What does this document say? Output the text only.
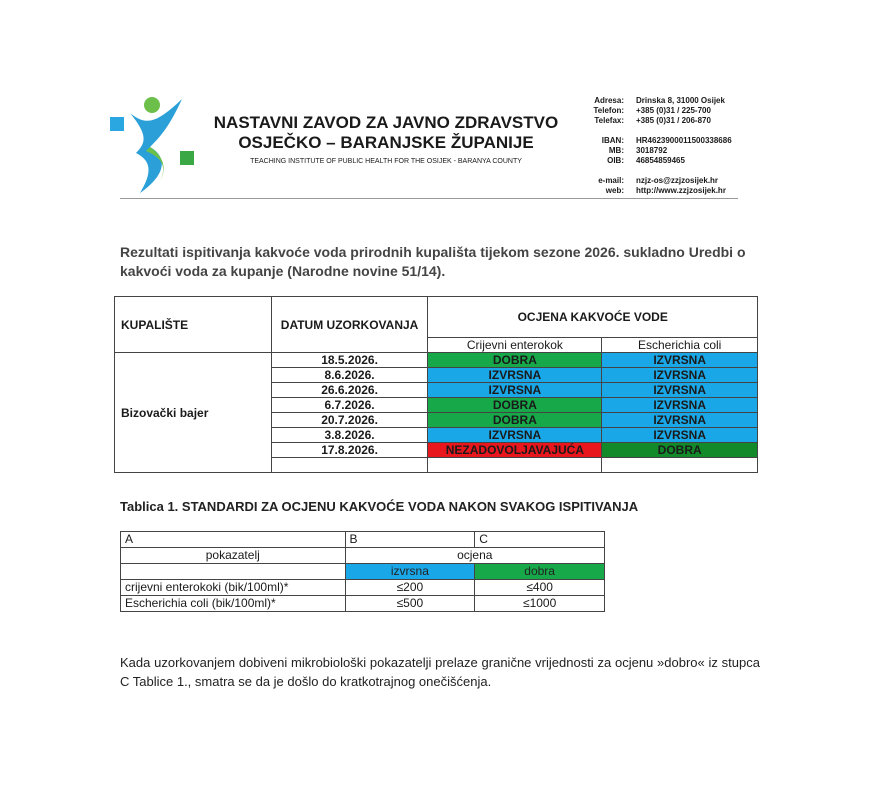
NASTAVNI ZAVOD ZA JAVNO ZDRAVSTVO
OSJEČKO – BARANJSKE ŽUPANIJE
TEACHING INSTITUTE OF PUBLIC HEALTH FOR THE OSIJEK - BARANYA COUNTY
Adresa:	Drinska 8, 31000 Osijek
Telefon:	+385 (0)31 / 225-700
Telefax:	+385 (0)31 / 206-870
IBAN:	HR4623900011500338686
MB:	3018792
OIB:	46854859465
e-mail:	nzjz-os@zzjzosijek.hr
web:	http://www.zzjzosijek.hr
Rezultati ispitivanja kakvoće voda prirodnih kupališta tijekom sezone 2026. sukladno Uredbi o kakvoći voda za kupanje (Narodne novine 51/14).
KUPALIŠTE	DATUM UZORKOVANJA	OCJENA KAKVOĆE VODE	
		Crijevni enterokok	Escherichia coli
Bizovački bajer	18.5.2026.	DOBRA	IZVRSNA
	8.6.2026.	IZVRSNA	IZVRSNA
	26.6.2026.	IZVRSNA	IZVRSNA
	6.7.2026.	DOBRA	IZVRSNA
	20.7.2026.	DOBRA	IZVRSNA
	3.8.2026.	IZVRSNA	IZVRSNA
	17.8.2026.	NEZADOVOLJAVAJUĆA	DOBRA

Tablica 1. STANDARDI ZA OCJENU KAKVOĆE VODA NAKON SVAKOG ISPITIVANJA
A	B	C
pokazatelj	ocjena	
	izvrsna	dobra
crijevni enterokoki (bik/100ml)*	≤200	≤400
Escherichia coli (bik/100ml)*	≤500	≤1000
Kada uzorkovanjem dobiveni mikrobiološki pokazatelji prelaze granične vrijednosti za ocjenu »dobro« iz stupca C Tablice 1., smatra se da je došlo do kratkotrajnog onečišćenja.
